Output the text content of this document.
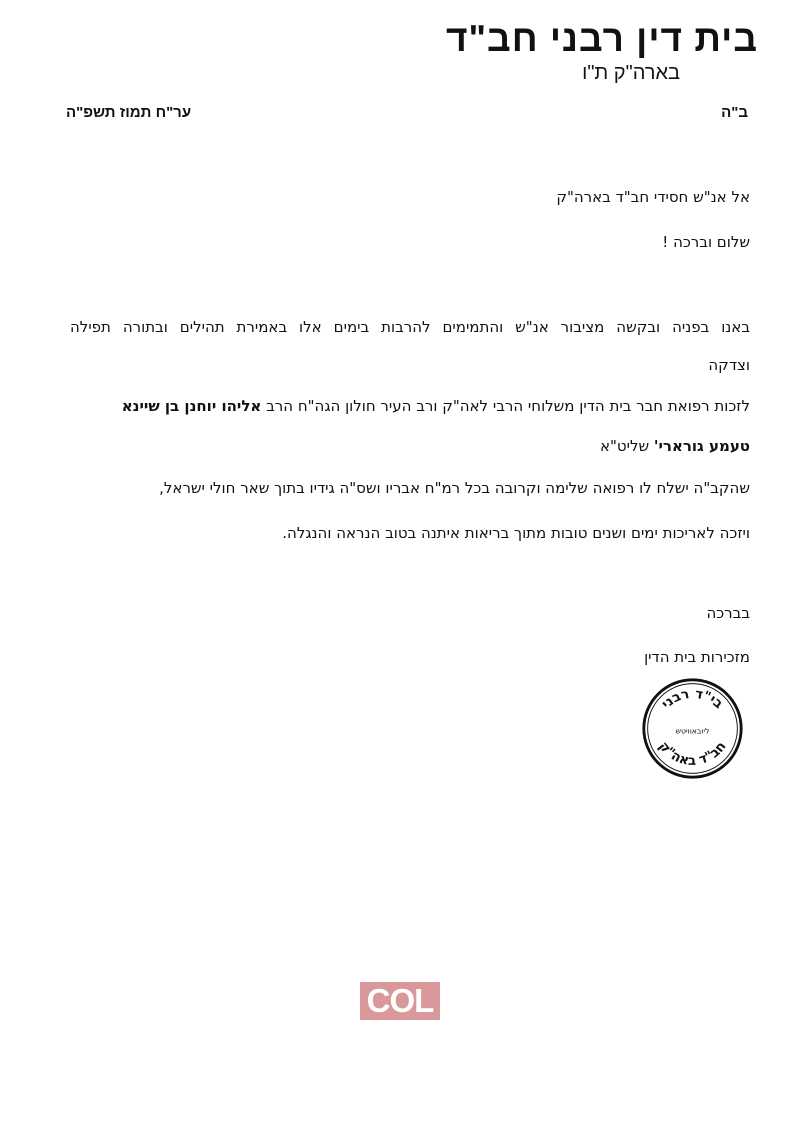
בית דין רבני חב"ד
בארה"ק ת"ו
ב"ה
ער"ח תמוז תשפ"ה
אל אנ"ש חסידי חב"ד בארה"ק
שלום וברכה !
באנו בפניה ובקשה מציבור אנ"ש והתמימים להרבות בימים אלו באמירת תהילים ובתורה תפילה
וצדקה
לזכות רפואת חבר בית הדין משלוחי הרבי לאה"ק ורב העיר חולון הגה"ח הרב אליהו יוחנן בן שיינא
טעמע גורארי' שליט"א
שהקב"ה ישלח לו רפואה שלימה וקרובה בכל רמ"ח אבריו ושס"ה גידיו בתוך שאר חולי ישראל,
ויזכה לאריכות ימים ושנים טובות מתוך בריאות איתנה בטוב הנראה והנגלה.
בברכה
מזכירות בית הדין
בי"ד רבני
ליובאוויטש
חב"ד באה"ק
COL
